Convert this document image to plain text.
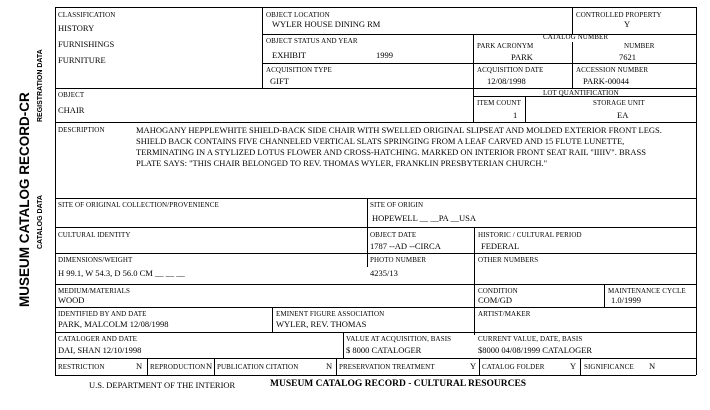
MUSEUM CATALOG RECORD-CR
REGISTRATION DATA
CATALOG DATA
CLASSIFICATION
HISTORY
FURNISHINGS
FURNITURE
OBJECT LOCATION
WYLER HOUSE DINING RM
CONTROLLED PROPERTY
Y
OBJECT STATUS AND YEAR
EXHIBIT	1999
CATALOG NUMBER
PARK ACRONYM	NUMBER
PARK	7621
ACQUISITION TYPE
GIFT
ACQUISITION DATE
12/08/1998
ACCESSION NUMBER
PARK-00044
OBJECT
CHAIR
LOT QUANTIFICATION
ITEM COUNT
1
STORAGE UNIT
EA
DESCRIPTION	MAHOGANY HEPPLEWHITE SHIELD-BACK SIDE CHAIR WITH SWELLED ORIGINAL SLIPSEAT AND MOLDED EXTERIOR FRONT LEGS.
SHIELD BACK CONTAINS FIVE CHANNELED VERTICAL SLATS SPRINGING FROM A LEAF CARVED AND 15 FLUTE LUNETTE,
TERMINATING IN A STYLIZED LOTUS FLOWER AND CROSS-HATCHING. MARKED ON INTERIOR FRONT SEAT RAIL "IIIIV". BRASS
PLATE SAYS: "THIS CHAIR BELONGED TO REV. THOMAS WYLER, FRANKLIN PRESBYTERIAN CHURCH."
SITE OF ORIGINAL COLLECTION/PROVENIENCE	SITE OF ORIGIN
HOPEWELL __ __PA __USA
CULTURAL IDENTITY	OBJECT DATE
1787 --AD --CIRCA
HISTORIC / CULTURAL PERIOD
FEDERAL
DIMENSIONS/WEIGHT
H 99.1, W 54.3, D 56.0 CM __ __ __
PHOTO NUMBER
4235/13
OTHER NUMBERS
MEDIUM/MATERIALS
WOOD
CONDITION
COM/GD
MAINTENANCE CYCLE
1.0/1999
IDENTIFIED BY AND DATE
PARK, MALCOLM 12/08/1998
EMINENT FIGURE ASSOCIATION
WYLER, REV. THOMAS
ARTIST/MAKER
CATALOGER AND DATE
DAI, SHAN 12/10/1998
VALUE AT ACQUISITION, BASIS
$ 8000 CATALOGER
CURRENT VALUE, DATE, BASIS
$8000 04/08/1999 CATALOGER
RESTRICTION	N REPRODUCTION N PUBLICATION CITATION	N PRESERVATION TREATMENT	Y CATALOG FOLDER	Y SIGNIFICANCE N
U.S. DEPARTMENT OF THE INTERIOR	MUSEUM CATALOG RECORD - CULTURAL RESOURCES
